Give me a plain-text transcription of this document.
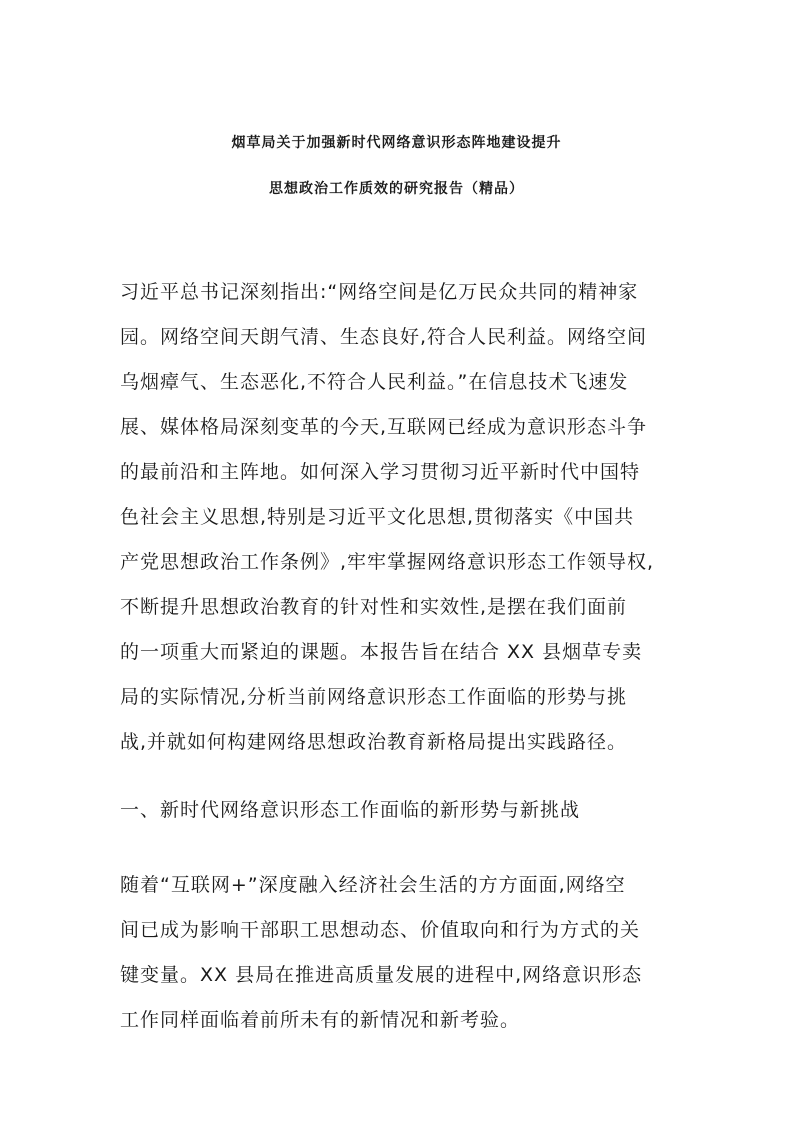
烟草局关于加强新时代网络意识形态阵地建设提升
思想政治工作质效的研究报告（精品）
习近平总书记深刻指出:“网络空间是亿万民众共同的精神家
园。网络空间天朗气清、生态良好,符合人民利益。网络空间
乌烟瘴气、生态恶化,不符合人民利益。”在信息技术飞速发
展、媒体格局深刻变革的今天,互联网已经成为意识形态斗争
的最前沿和主阵地。如何深入学习贯彻习近平新时代中国特
色社会主义思想,特别是习近平文化思想,贯彻落实《中国共
产党思想政治工作条例》,牢牢掌握网络意识形态工作领导权,
不断提升思想政治教育的针对性和实效性,是摆在我们面前
的一项重大而紧迫的课题。本报告旨在结合 XX 县烟草专卖
局的实际情况,分析当前网络意识形态工作面临的形势与挑
战,并就如何构建网络思想政治教育新格局提出实践路径。
一、新时代网络意识形态工作面临的新形势与新挑战
随着“互联网+”深度融入经济社会生活的方方面面,网络空
间已成为影响干部职工思想动态、价值取向和行为方式的关
键变量。XX 县局在推进高质量发展的进程中,网络意识形态
工作同样面临着前所未有的新情况和新考验。
